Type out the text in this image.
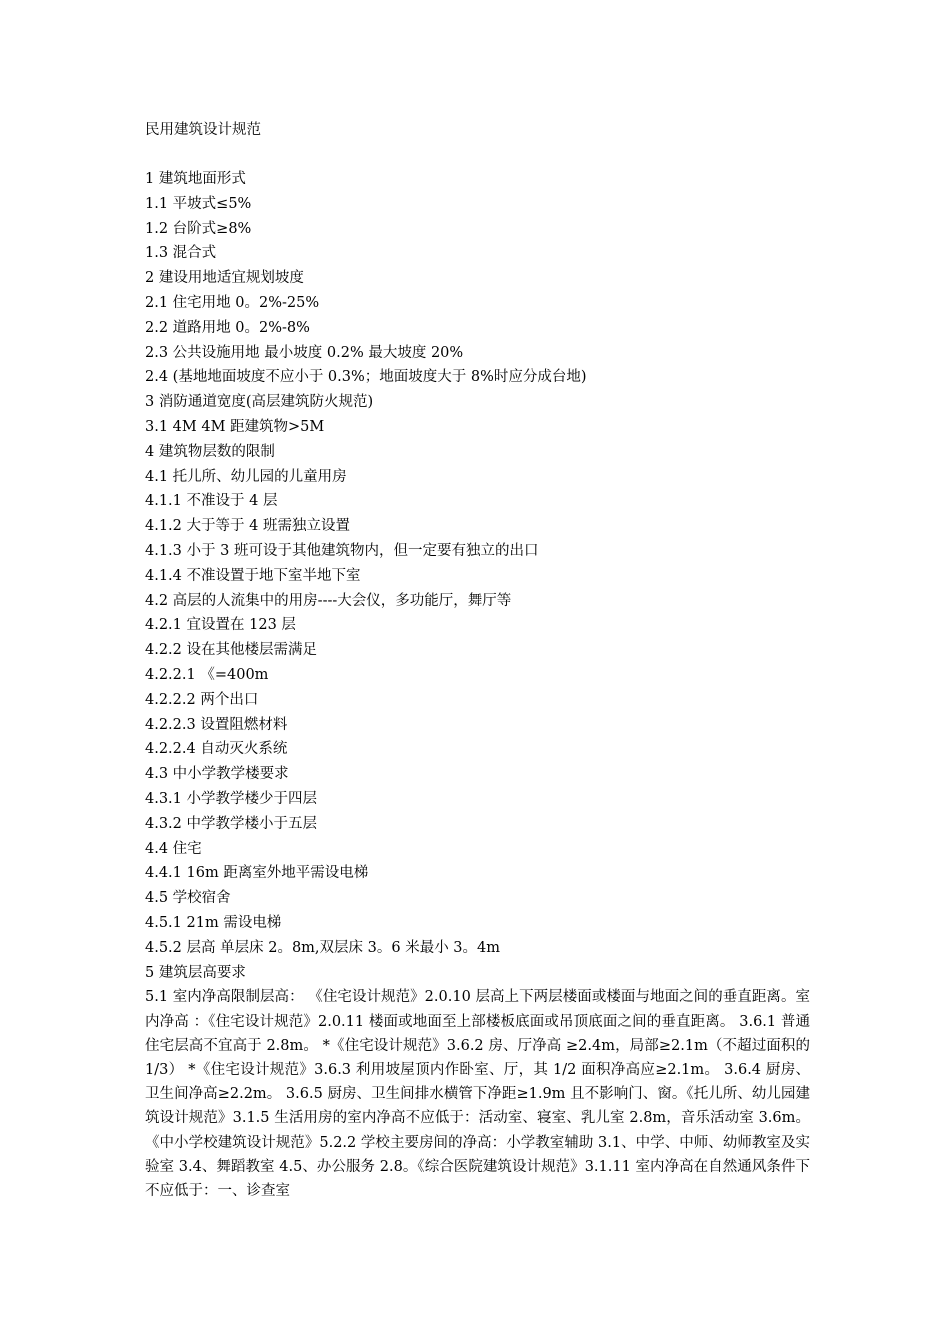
民用建筑设计规范
1 建筑地面形式
1.1 平坡式≤5%
1.2 台阶式≥8%
1.3 混合式
2 建设用地适宜规划坡度
2.1 住宅用地 0。2%-25%
2.2 道路用地 0。2%-8%
2.3 公共设施用地 最小坡度 0.2% 最大坡度 20%
2.4 (基地地面坡度不应小于 0.3%；地面坡度大于 8%时应分成台地)
3 消防通道宽度(高层建筑防火规范)
3.1 4M 4M 距建筑物>5M
4 建筑物层数的限制
4.1 托儿所、幼儿园的儿童用房
4.1.1 不准设于 4 层
4.1.2 大于等于 4 班需独立设置
4.1.3 小于 3 班可设于其他建筑物内，但一定要有独立的出口
4.1.4 不准设置于地下室半地下室
4.2 高层的人流集中的用房----大会仪，多功能厅，舞厅等
4.2.1 宜设置在 123 层
4.2.2 设在其他楼层需满足
4.2.2.1 《=400m
4.2.2.2 两个出口
4.2.2.3 设置阻燃材料
4.2.2.4 自动灭火系统
4.3 中小学教学楼要求
4.3.1 小学教学楼少于四层
4.3.2 中学教学楼小于五层
4.4 住宅
4.4.1 16m 距离室外地平需设电梯
4.5 学校宿舍
4.5.1 21m 需设电梯
4.5.2 层高 单层床 2。8m,双层床 3。6 米最小 3。4m
5 建筑层高要求

5.1 室内净高限制层高： 《住宅设计规范》2.0.10 层高上下两层楼面或楼面与地面之间的垂直距离。室内净高 ：《住宅设计规范》2.0.11 楼面或地面至上部楼板底面或吊顶底面之间的垂直距离。 3.6.1 普通住宅层高不宜高于 2.8m。 *《住宅设计规范》3.6.2 房、厅净高 ≥2.4m，局部≥2.1m（不超过面积的 1/3） *《住宅设计规范》3.6.3 利用坡屋顶内作卧室、厅，其 1/2 面积净高应≥2.1m。 3.6.4 厨房、卫生间净高≥2.2m。 3.6.5 厨房、卫生间排水横管下净距≥1.9m 且不影响门、窗。《托儿所、幼儿园建筑设计规范》3.1.5 生活用房的室内净高不应低于：活动室、寝室、乳儿室 2.8m，音乐活动室 3.6m。《中小学校建筑设计规范》5.2.2 学校主要房间的净高：小学教室辅助 3.1、中学、中师、幼师教室及实验室 3.4、舞蹈教室 4.5、办公服务 2.8。《综合医院建筑设计规范》3.1.11 室内净高在自然通风条件下不应低于：一、诊查室
